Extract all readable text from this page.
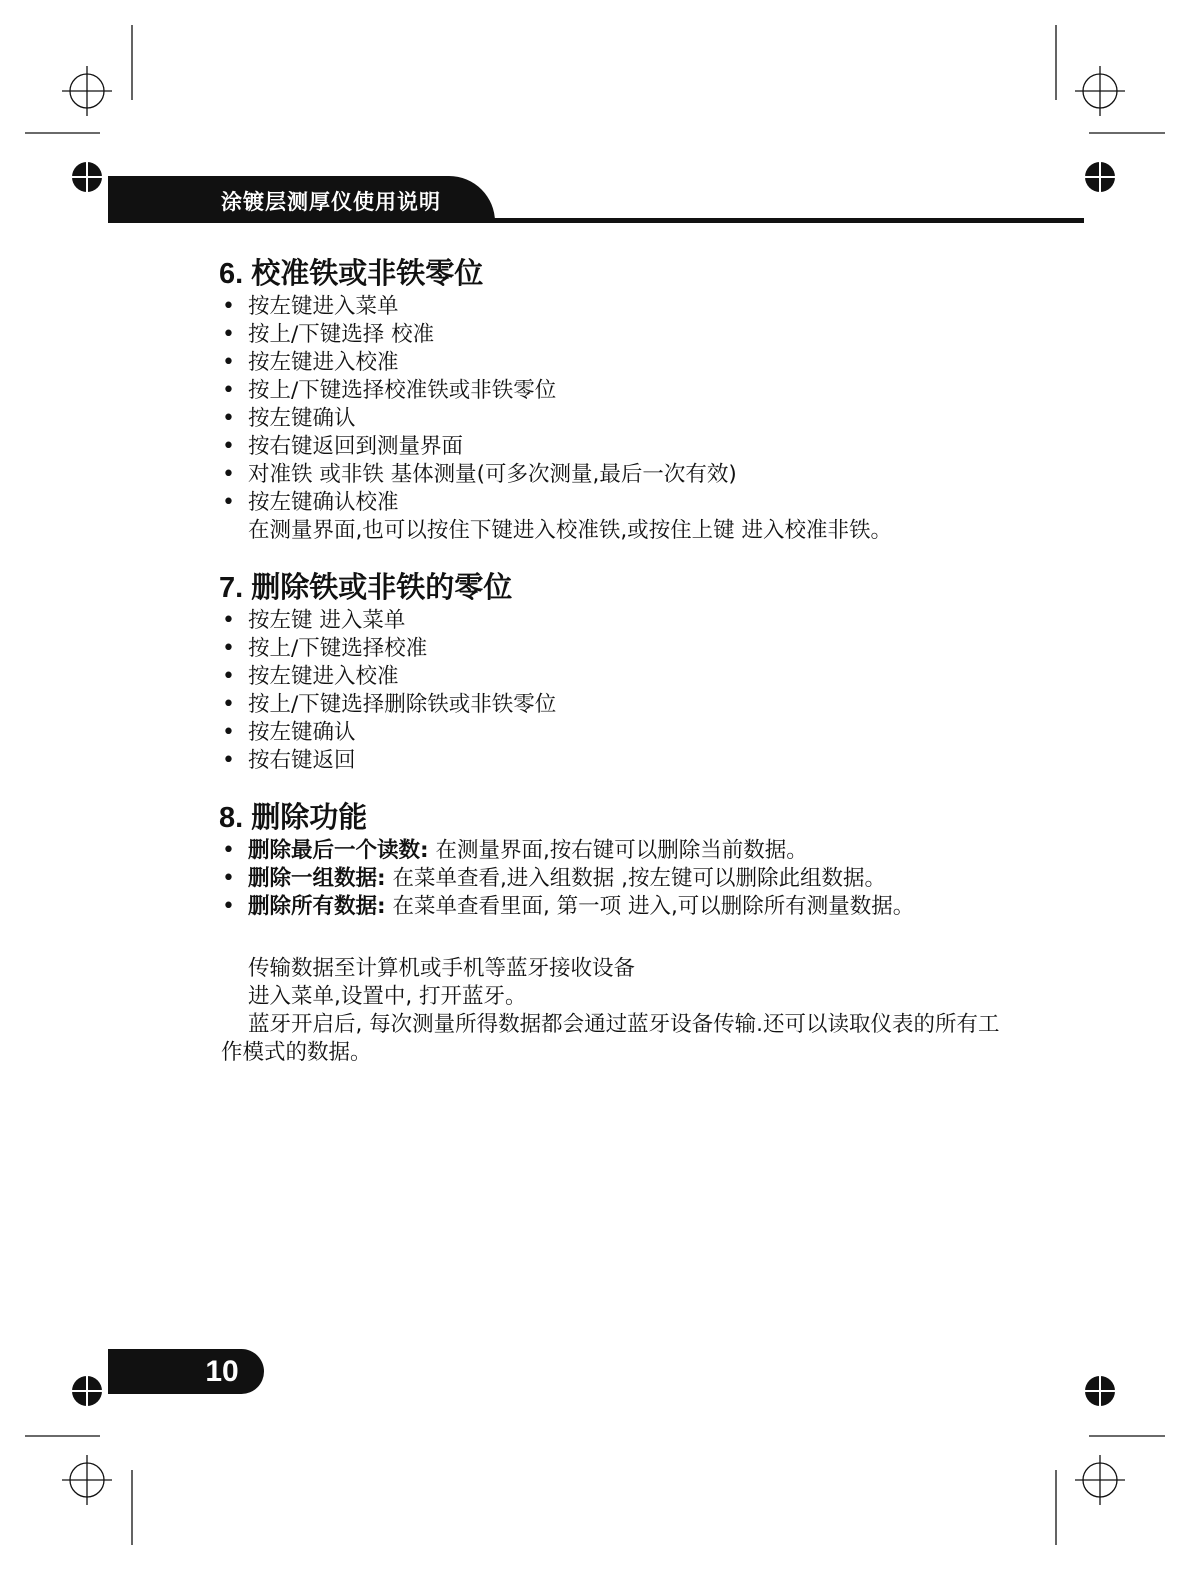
涂镀层测厚仪使用说明
6. 校准铁或非铁零位
• 按左键进入菜单
• 按上/下键选择 校准
• 按左键进入校准
• 按上/下键选择校准铁或非铁零位
• 按左键确认
• 按右键返回到测量界面
• 对准铁 或非铁 基体测量(可多次测量,最后一次有效)
• 按左键确认校准
在测量界面,也可以按住下键进入校准铁,或按住上键 进入校准非铁。
7. 删除铁或非铁的零位
• 按左键 进入菜单
• 按上/下键选择校准
• 按左键进入校准
• 按上/下键选择删除铁或非铁零位
• 按左键确认
• 按右键返回
8. 删除功能
• 删除最后一个读数: 在测量界面,按右键可以删除当前数据。
• 删除一组数据: 在菜单查看,进入组数据 ,按左键可以删除此组数据。
• 删除所有数据: 在菜单查看里面, 第一项 进入,可以删除所有测量数据。
传输数据至计算机或手机等蓝牙接收设备
进入菜单,设置中, 打开蓝牙。
蓝牙开启后, 每次测量所得数据都会通过蓝牙设备传输.还可以读取仪表的所有工作模式的数据。
10
